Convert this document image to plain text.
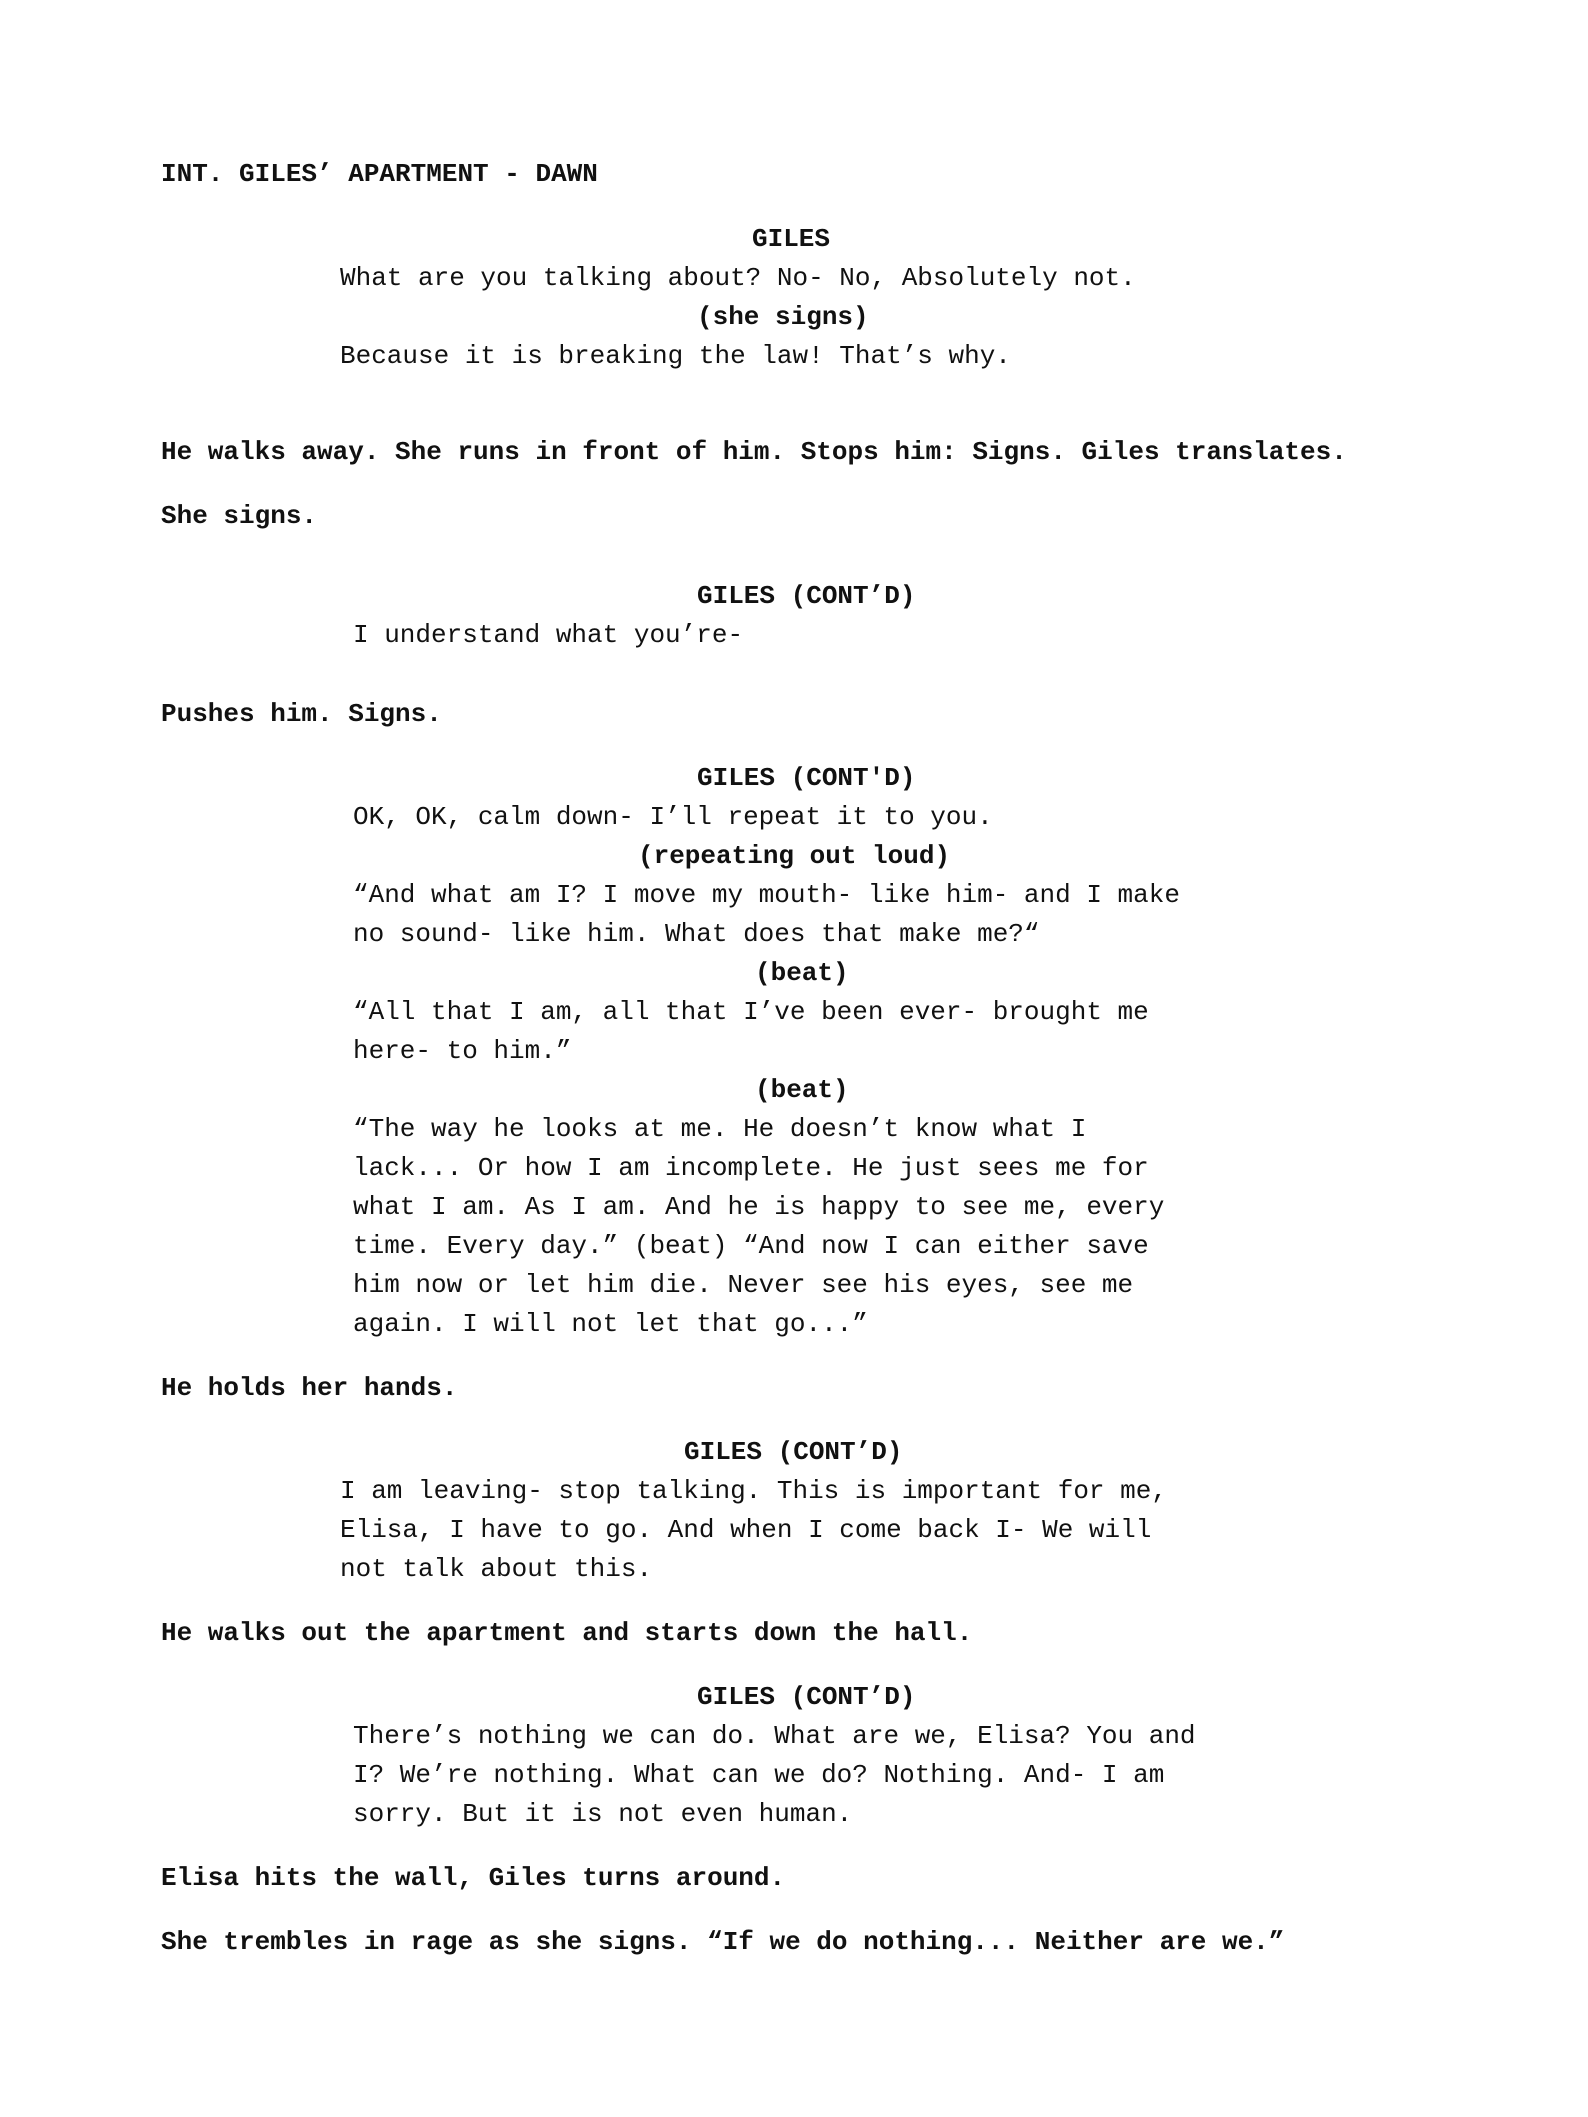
INT. GILES’ APARTMENT - DAWN

GILES

What are you talking about? No- No, Absolutely not.

(she signs)

Because it is breaking the law! That’s why.

He walks away. She runs in front of him. Stops him: Signs. Giles translates.

She signs.

GILES (CONT’D)

I understand what you’re-

Pushes him. Signs.

GILES (CONT'D)

OK, OK, calm down- I’ll repeat it to you.

(repeating out loud)

“And what am I? I move my mouth- like him- and I make

no sound- like him. What does that make me?“

(beat)

“All that I am, all that I’ve been ever- brought me

here- to him.”

(beat)

“The way he looks at me. He doesn’t know what I

lack... Or how I am incomplete. He just sees me for

what I am. As I am. And he is happy to see me, every

time. Every day.” (beat) “And now I can either save

him now or let him die. Never see his eyes, see me

again. I will not let that go...”

He holds her hands.

GILES (CONT’D)

I am leaving- stop talking. This is important for me,

Elisa, I have to go. And when I come back I- We will

not talk about this.

He walks out the apartment and starts down the hall.

GILES (CONT’D)

There’s nothing we can do. What are we, Elisa? You and

I? We’re nothing. What can we do? Nothing. And- I am

sorry. But it is not even human.

Elisa hits the wall, Giles turns around.

She trembles in rage as she signs. “If we do nothing... Neither are we.”
